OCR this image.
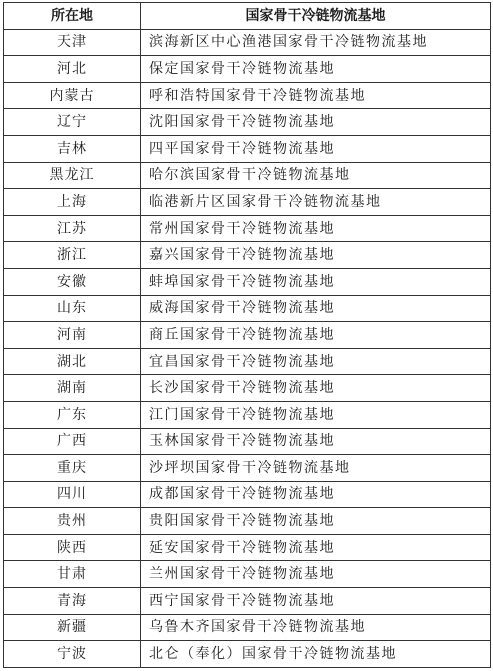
所在地	国家骨干冷链物流基地
天津	滨海新区中心渔港国家骨干冷链物流基地
河北	保定国家骨干冷链物流基地
内蒙古	呼和浩特国家骨干冷链物流基地
辽宁	沈阳国家骨干冷链物流基地
吉林	四平国家骨干冷链物流基地
黑龙江	哈尔滨国家骨干冷链物流基地
上海	临港新片区国家骨干冷链物流基地
江苏	常州国家骨干冷链物流基地
浙江	嘉兴国家骨干冷链物流基地
安徽	蚌埠国家骨干冷链物流基地
山东	威海国家骨干冷链物流基地
河南	商丘国家骨干冷链物流基地
湖北	宜昌国家骨干冷链物流基地
湖南	长沙国家骨干冷链物流基地
广东	江门国家骨干冷链物流基地
广西	玉林国家骨干冷链物流基地
重庆	沙坪坝国家骨干冷链物流基地
四川	成都国家骨干冷链物流基地
贵州	贵阳国家骨干冷链物流基地
陕西	延安国家骨干冷链物流基地
甘肃	兰州国家骨干冷链物流基地
青海	西宁国家骨干冷链物流基地
新疆	乌鲁木齐国家骨干冷链物流基地
宁波	北仑（奉化）国家骨干冷链物流基地
